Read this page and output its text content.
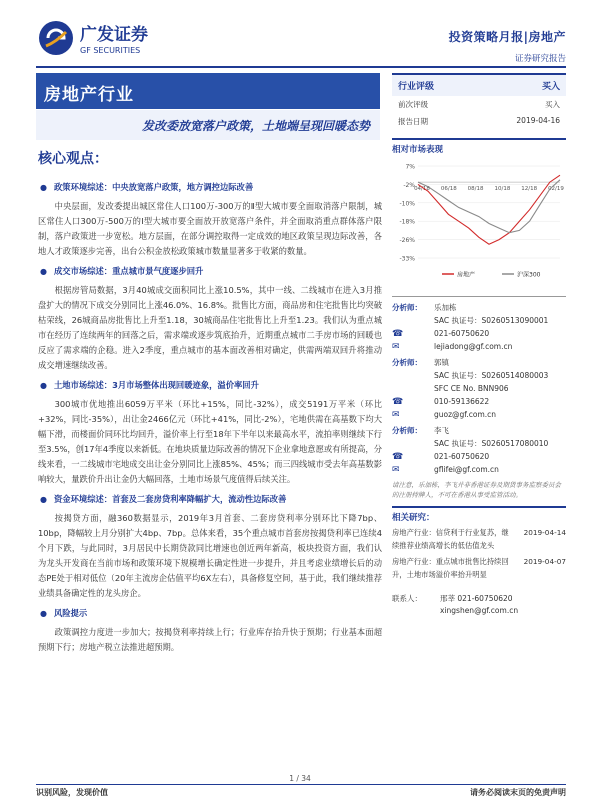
广发证券
GF SECURITIES
投资策略月报|房地产
证券研究报告
房地产行业
发改委放宽落户政策，土地端呈现回暖态势
核心观点：
● 政策环境综述：中央放宽落户政策，地方调控边际改善
中央层面，发改委提出城区常住人口100万-300万的Ⅱ型大城市要全面取消落户限制，城区常住人口300万-500万的Ⅰ型大城市要全面放开放宽落户条件，并全面取消重点群体落户限制，落户政策进一步宽松。地方层面，在部分调控取得一定成效的地区政策呈现边际改善，各地人才政策逐步完善，出台公积金放松政策城市数量显著多于收紧的数量。
● 成交市场综述：重点城市景气度逐步回升
根据房管局数据，3月40城成交面积同比上涨10.5%，其中一线、二线城市在进入3月推盘扩大的情况下成交分别同比上涨46.0%、16.8%。批售比方面，商品房和住宅批售比均突破枯荣线，26城商品房批售比上升至1.18，30城商品住宅批售比上升至1.23。我们认为重点城市在经历了连续两年的回落之后，需求端或逐步筑底抬升，近期重点城市二手房市场的回暖也反应了需求端的企稳。进入2季度，重点城市的基本面改善相对确定，供需两端双回升将推动成交增速继续改善。
● 土地市场综述：3月市场整体出现回暖迹象，溢价率回升
300城市优地推出6059万平米（环比+15%，同比-32%），成交5191万平米（环比+32%，同比-35%），出让金2466亿元（环比+41%，同比-2%），宅地供需在高基数下均大幅下滑，而楼面价同环比均回升，溢价率上行至18年下半年以来最高水平，流拍率则继续下行至3.5%，创17年4季度以来新低。在地块质量边际改善的情况下企业拿地意愿或有所提高，分线来看，一二线城市宅地成交出让金分别同比上涨85%、45%；而三四线城市受去年高基数影响较大，量跌价升出让金仍大幅回落，土地市场景气度值得后续关注。
● 资金环境综述：首套及二套房贷利率降幅扩大，流动性边际改善
按揭贷方面，融360数据显示，2019年3月首套、二套房贷利率分别环比下降7bp、10bp，降幅较上月分别扩大4bp、7bp。总体来看，35个重点城市首套房按揭贷利率已连续4个月下跌，与此同时，3月居民中长期贷款同比增速也创近两年新高，板块投资方面，我们认为龙头开发商在当前市场和政策环境下规模增长确定性进一步提升，并且考虑业绩增长后的动态PE处于相对低位（20年主流房企估值平均6X左右），具备修复空间，基于此，我们继续推荐业绩具备确定性的龙头房企。
● 风险提示
政策调控力度进一步加大；按揭贷利率持续上行；行业库存抬升快于预期；行业基本面超预期下行；房地产税立法推进超预期。
行业评级	买入
前次评级	买入
报告日期	2019-04-16
相对市场表现
7%
-2%
-10%
-18%
-26%
-33%
04/18 06/18 08/18 10/18 12/18 02/19
房地产	沪深300
分析师：	乐加栋
SAC 执证号：S0260513090001
☎	021-60750620
✉	lejiadong@gf.com.cn
分析师：	郭镇
SAC 执证号：S0260514080003
SFC CE No. BNN906
☎	010-59136622
✉	guoz@gf.com.cn
分析师：	李飞
SAC 执证号：S0260517080010
☎	021-60750620
✉	gflifei@gf.com.cn
请注意，乐加栋，李飞并非香港证券及期货事务监察委员会的注册持牌人，不可在香港从事受监管活动。
相关研究：
房地产行业：信贷利于行业复苏，继续推荐业绩高增长的低估值龙头
2019-04-14
房地产行业：重点城市批售比持续回升，土地市场溢价率抬升明显
2019-04-07
联系人：	邢莘 021-60750620
xingshen@gf.com.cn
1 / 34
识别风险，发现价值	请务必阅读末页的免责声明
